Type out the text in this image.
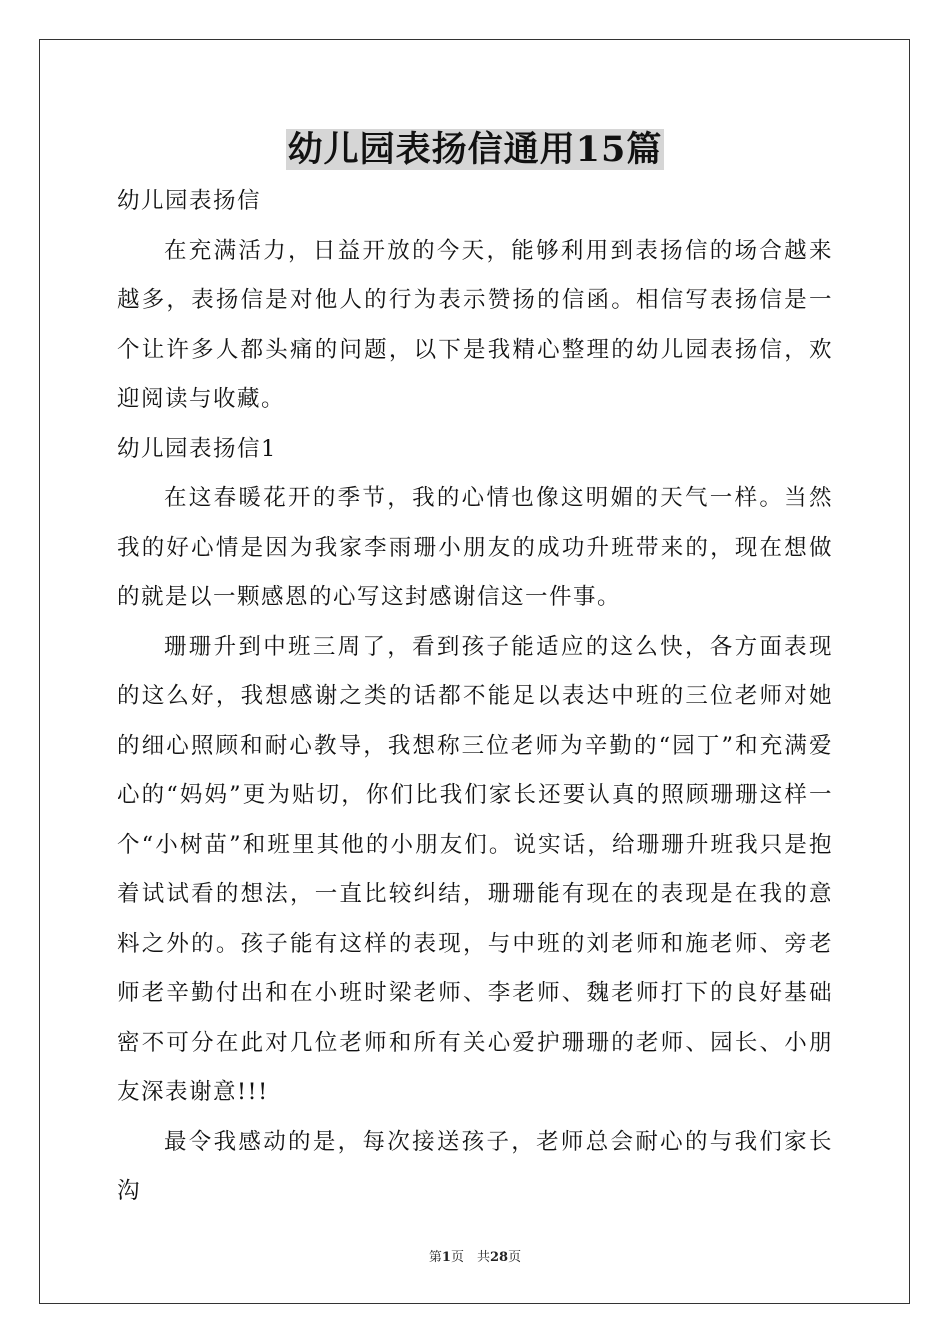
幼儿园表扬信通用15篇

幼儿园表扬信

在充满活力，日益开放的今天，能够利用到表扬信的场合越来越多，表扬信是对他人的行为表示赞扬的信函。相信写表扬信是一个让许多人都头痛的问题，以下是我精心整理的幼儿园表扬信，欢迎阅读与收藏。

幼儿园表扬信1

在这春暖花开的季节，我的心情也像这明媚的天气一样。当然我的好心情是因为我家李雨珊小朋友的成功升班带来的，现在想做的就是以一颗感恩的心写这封感谢信这一件事。

珊珊升到中班三周了，看到孩子能适应的这么快，各方面表现的这么好，我想感谢之类的话都不能足以表达中班的三位老师对她的细心照顾和耐心教导，我想称三位老师为辛勤的“园丁”和充满爱心的“妈妈”更为贴切，你们比我们家长还要认真的照顾珊珊这样一个“小树苗”和班里其他的小朋友们。说实话，给珊珊升班我只是抱着试试看的想法，一直比较纠结，珊珊能有现在的表现是在我的意料之外的。孩子能有这样的表现，与中班的刘老师和施老师、旁老师老辛勤付出和在小班时梁老师、李老师、魏老师打下的良好基础密不可分在此对几位老师和所有关心爱护珊珊的老师、园长、小朋友深表谢意!!!

最令我感动的是，每次接送孩子，老师总会耐心的与我们家长沟

第1页　共28页
